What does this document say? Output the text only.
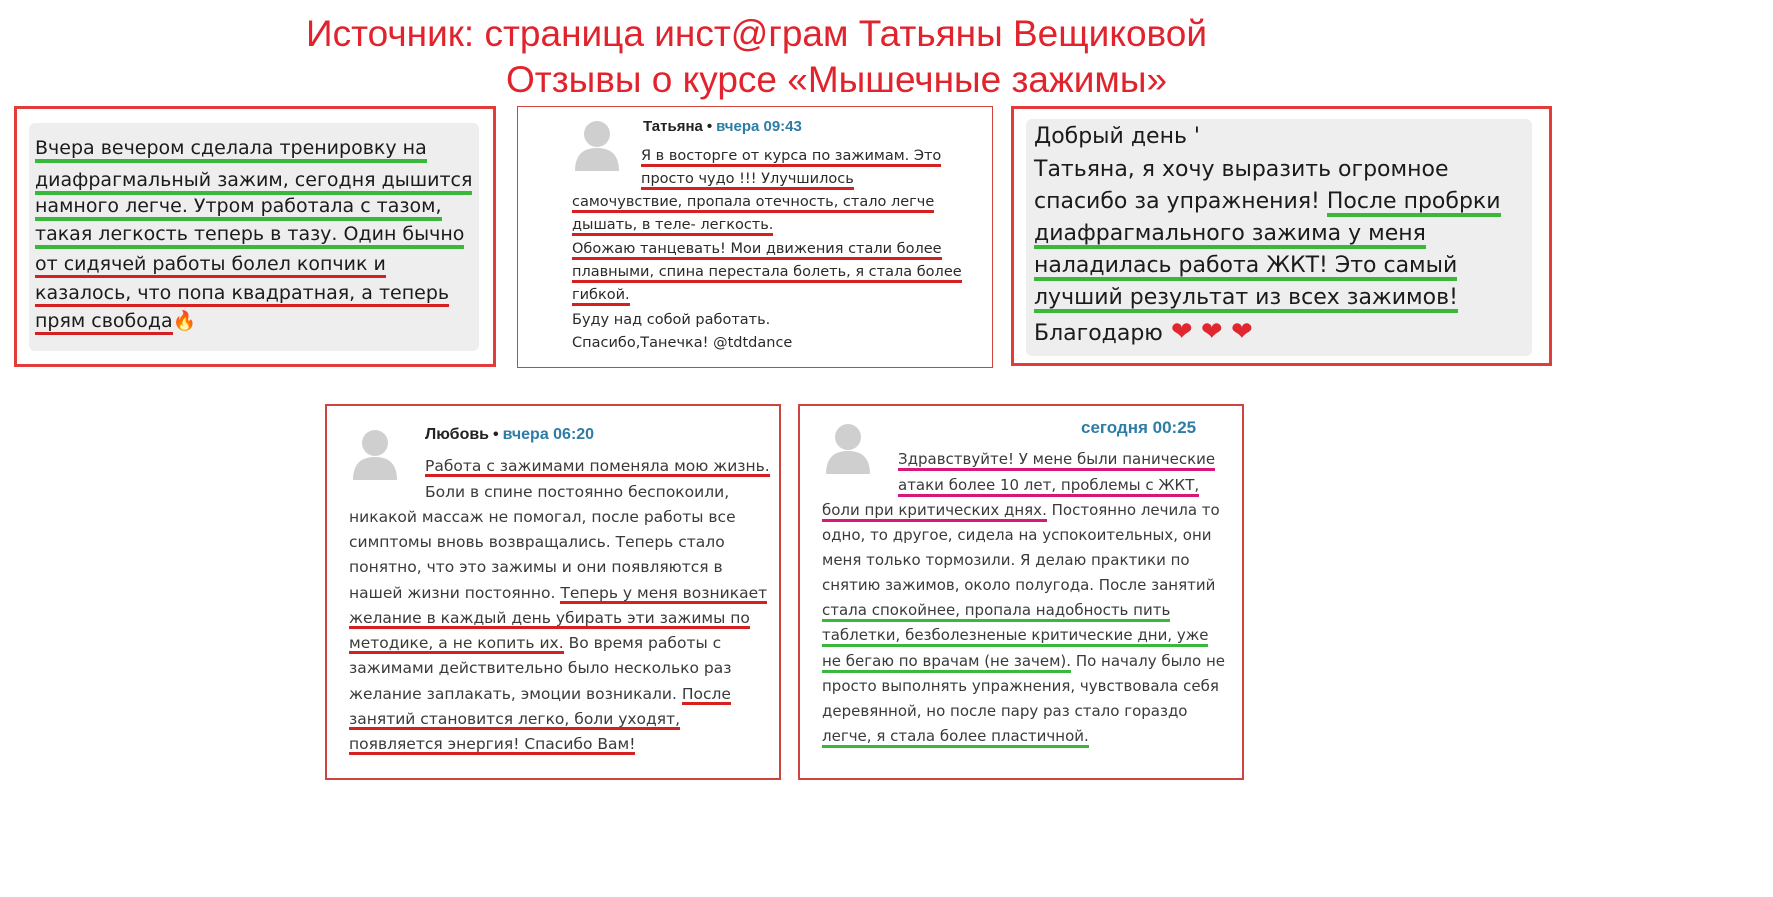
Источник: страница инст@грам Татьяны Вещиковой
Отзывы о курсе «Мышечные зажимы»
Вчера вечером сделала тренировку на
диафрагмальный зажим, сегодня дышится
намного легче. Утром работала с тазом,
такая легкость теперь в тазу. Один бычно
от сидячей работы болел копчик и
казалось, что попа квадратная, а теперь
прям свобода🔥
Татьяна • вчера 09:43
Я в восторге от курса по зажимам. Это
просто чудо !!! Улучшилось
самочувствие, пропала отечность, стало легче
дышать, в теле- легкость.
Обожаю танцевать! Мои движения стали более
плавными, спина перестала болеть, я стала более
гибкой.
Буду над собой работать.
Спасибо,Танечка! @tdtdance
Добрый день '
Татьяна, я хочу выразить огромное
спасибо за упражнения! После пробрки
диафрагмального зажима у меня
наладилась работа ЖКТ! Это самый
лучший результат из всех зажимов!
Благодарю ❤ ❤ ❤
Любовь • вчера 06:20
Работа с зажимами поменяла мою жизнь.
Боли в спине постоянно беспокоили,
никакой массаж не помогал, после работы все
симптомы вновь возвращались. Теперь стало
понятно, что это зажимы и они появляются в
нашей жизни постоянно. Теперь у меня возникает
желание в каждый день убирать эти зажимы по
методике, а не копить их. Во время работы с
зажимами действительно было несколько раз
желание заплакать, эмоции возникали. После
занятий становится легко, боли уходят,
появляется энергия! Спасибо Вам!
сегодня 00:25
Здравствуйте! У мене были панические
атаки более 10 лет, проблемы с ЖКТ,
боли при критических днях. Постоянно лечила то
одно, то другое, сидела на успокоительных, они
меня только тормозили. Я делаю практики по
снятию зажимов, около полугода. После занятий
стала спокойнее, пропала надобность пить
таблетки, безболезненые критические дни, уже
не бегаю по врачам (не зачем). По началу было не
просто выполнять упражнения, чувствовала себя
деревянной, но после пару раз стало гораздо
легче, я стала более пластичной.
